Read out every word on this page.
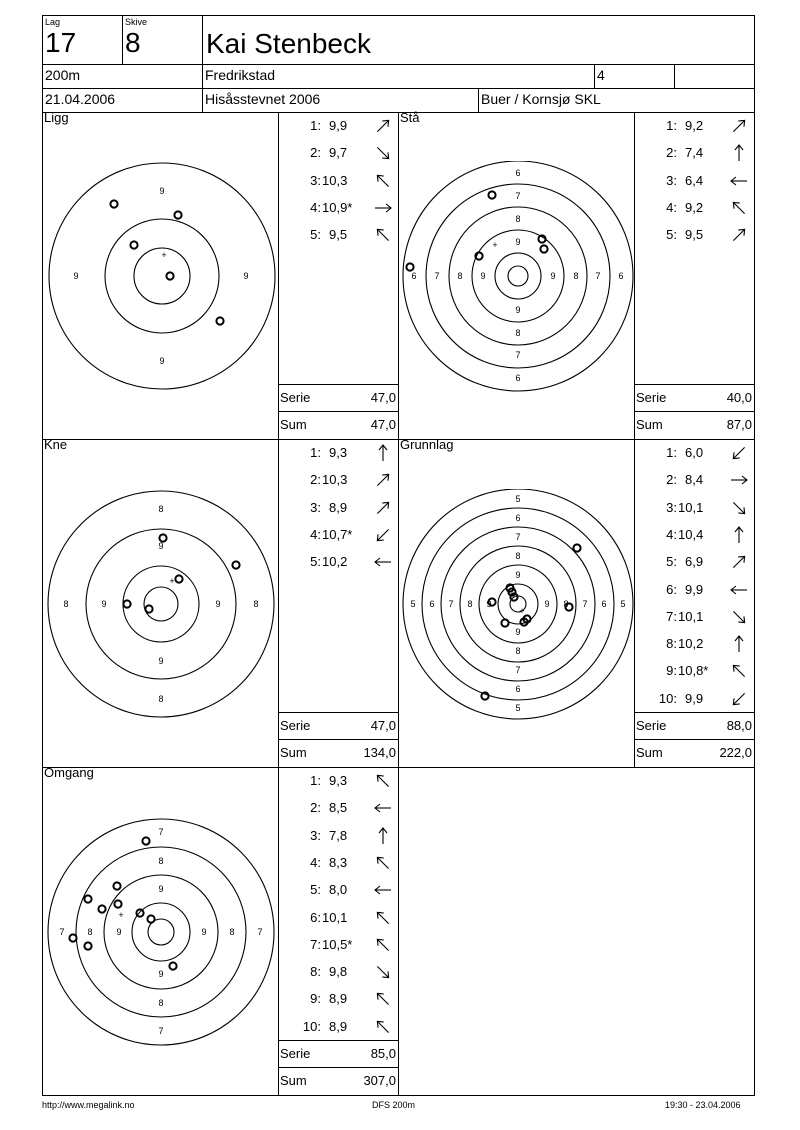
Lag
17
Skive
8 Kai Stenbeck
200m	Fredrikstad	4
21.04.2006	Hisåsstevnet 2006	Buer / Kornsjø SKL
Ligg
9
9
9	9
+
1: 9,9
2: 9,7
3: 10,3
4: 10,9*
5: 9,5
Serie	47,0
Sum	47,0
Stå
6
7
8
9
9
8
7
6
6 7 8 9	9 8 7 6
+
1: 9,2
2: 7,4
3: 6,4
4: 9,2
5: 9,5
Serie	40,0
Sum	87,0
Kne
8
9
9
8
8	9	9	8
+
1: 9,3
2: 10,3
3: 8,9
4: 10,7*
5: 10,2
Serie	47,0
Sum	134,0
Grunnlag
5
6
7
8
9
9
8
7
6
5
5 6 7 8 9	9 8 7 6 5
+
1: 6,0
2: 8,4
3: 10,1
4: 10,4
5: 6,9
6: 9,9
7: 10,1
8: 10,2
9: 10,8*
10: 9,9
Serie	88,0
Sum	222,0
Omgang
7
8
9
9
8
7
7	8	9	9	8	7
+
1: 9,3
2: 8,5
3: 7,8
4: 8,3
5: 8,0
6: 10,1
7: 10,5*
8: 9,8
9: 8,9
10: 8,9
Serie	85,0
Sum	307,0
http://www.megalink.no	DFS 200m	19:30 - 23.04.2006
